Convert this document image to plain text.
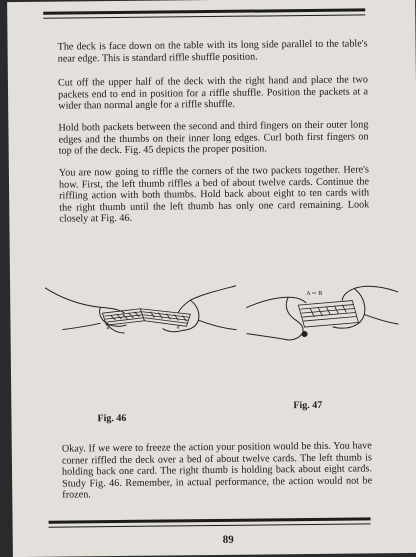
The deck is face down on the table with its long side parallel to the table's near edge. This is standard riffle shuffle position.

Cut off the upper half of the deck with the right hand and place the two packets end to end in position for a riffle shuffle. Position the packets at a wider than normal angle for a riffle shuffle.

Hold both packets between the second and third fingers on their outer long edges and the thumbs on their inner long edges. Curl both first fingers on top of the deck. Fig. 45 depicts the proper position.

You are now going to riffle the corners of the two packets together. Here's how. First, the left thumb riffles a bed of about twelve cards. Continue the riffling action with both thumbs. Hold back about eight to ten cards with the right thumb until the left thumb has only one card remaining. Look closely at Fig. 46.

a	a
Fig. 46
A B
Fig. 47

Okay. If we were to freeze the action your position would be this. You have corner riffled the deck over a bed of about twelve cards. The left thumb is holding back one card. The right thumb is holding back about eight cards. Study Fig. 46. Remember, in actual performance, the action would not be frozen.

89
